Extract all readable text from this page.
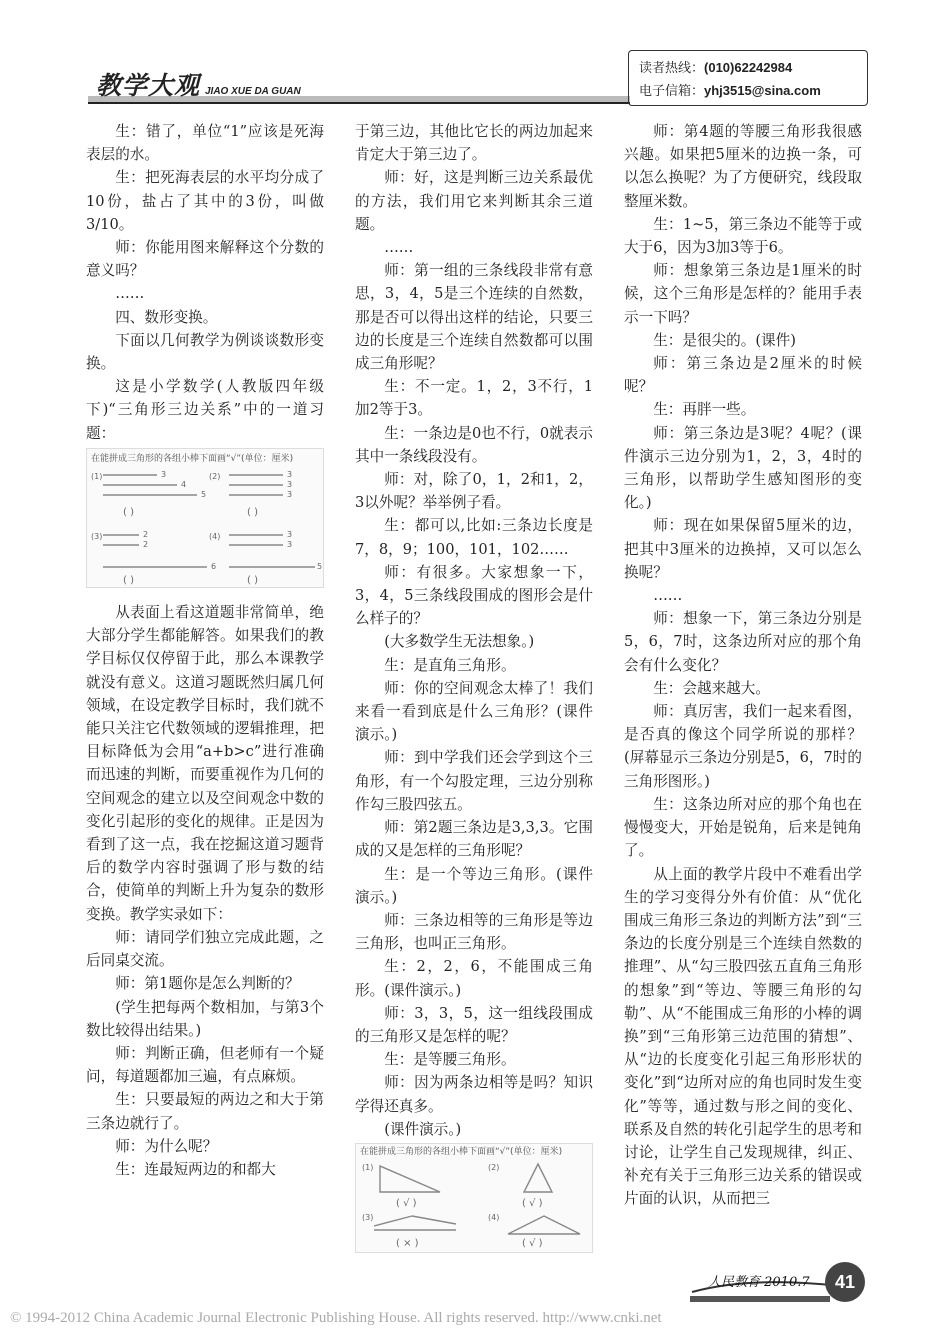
教学大观 JIAO XUE DA GUAN
读者热线：(010)62242984
电子信箱：yhj3515@sina.com

生：错了，单位“1”应该是死海表层的水。

生：把死海表层的水平均分成了10份，盐占了其中的3份，叫做3/10。

师：你能用图来解释这个分数的意义吗？

……

四、数形变换。

下面以几何教学为例谈谈数形变换。

这是小学数学(人教版四年级下)“三角形三边关系”中的一道习题：

在能拼成三角形的各组小棒下面画“√”(单位：厘米)
(1)	3
4
5
(2)	3
3
3
(3)	2
2
6
(4)	3
3
5
( )	( )
( )	( )

从表面上看这道题非常简单，绝大部分学生都能解答。如果我们的教学目标仅仅停留于此，那么本课教学就没有意义。这道习题既然归属几何领域，在设定教学目标时，我们就不能只关注它代数领域的逻辑推理，把目标降低为会用“a+b>c”进行准确而迅速的判断，而要重视作为几何的空间观念的建立以及空间观念中数的变化引起形的变化的规律。正是因为看到了这一点，我在挖掘这道习题背后的数学内容时强调了形与数的结合，使简单的判断上升为复杂的数形变换。教学实录如下：

师：请同学们独立完成此题，之后同桌交流。

师：第1题你是怎么判断的？

(学生把每两个数相加，与第3个数比较得出结果。)

师：判断正确，但老师有一个疑问，每道题都加三遍，有点麻烦。

生：只要最短的两边之和大于第三条边就行了。

师：为什么呢？

生：连最短两边的和都大

于第三边，其他比它长的两边加起来肯定大于第三边了。

师：好，这是判断三边关系最优的方法，我们用它来判断其余三道题。

……

师：第一组的三条线段非常有意思，3，4，5是三个连续的自然数，那是否可以得出这样的结论，只要三边的长度是三个连续自然数都可以围成三角形呢？

生：不一定。1，2，3不行，1加2等于3。

生：一条边是0也不行，0就表示其中一条线段没有。

师：对，除了0，1，2和1，2，3以外呢？举举例子看。

生：都可以,比如:三条边长度是7，8，9；100，101，102……

师：有很多。大家想象一下，3，4，5三条线段围成的图形会是什么样子的？

(大多数学生无法想象。)

生：是直角三角形。

师：你的空间观念太棒了！我们来看一看到底是什么三角形？(课件演示。)

师：到中学我们还会学到这个三角形，有一个勾股定理，三边分别称作勾三股四弦五。

师：第2题三条边是3,3,3。它围成的又是怎样的三角形呢？

生：是一个等边三角形。(课件演示。)

师：三条边相等的三角形是等边三角形，也叫正三角形。

生：2，2，6，不能围成三角形。(课件演示。)

师：3，3，5，这一组线段围成的三角形又是怎样的呢？

生：是等腰三角形。

师：因为两条边相等是吗？知识学得还真多。

(课件演示。)

在能拼成三角形的各组小棒下面画“√”(单位：厘米)
(1)	(2)
(3)	(4)
( √ )	( √ )
( × )	( √ )

师：第4题的等腰三角形我很感兴趣。如果把5厘米的边换一条，可以怎么换呢？为了方便研究，线段取整厘米数。

生：1~5，第三条边不能等于或大于6，因为3加3等于6。

师：想象第三条边是1厘米的时候，这个三角形是怎样的？能用手表示一下吗？

生：是很尖的。(课件)

师：第三条边是2厘米的时候呢？

生：再胖一些。

师：第三条边是3呢？4呢？(课件演示三边分别为1，2，3，4时的三角形，以帮助学生感知图形的变化。)

师：现在如果保留5厘米的边，把其中3厘米的边换掉，又可以怎么换呢？

……

师：想象一下，第三条边分别是5，6，7时，这条边所对应的那个角会有什么变化？

生：会越来越大。

师：真厉害，我们一起来看图，是否真的像这个同学所说的那样？(屏幕显示三条边分别是5，6，7时的三角形图形。)

生：这条边所对应的那个角也在慢慢变大，开始是锐角，后来是钝角了。

从上面的教学片段中不难看出学生的学习变得分外有价值：从“优化围成三角形三条边的判断方法”到“三条边的长度分别是三个连续自然数的推理”、从“勾三股四弦五直角三角形的想象”到“等边、等腰三角形的勾勒”、从“不能围成三角形的小棒的调换”到“三角形第三边范围的猜想”、从“边的长度变化引起三角形形状的变化”到“边所对应的角也同时发生变化”等等，通过数与形之间的变化、联系及自然的转化引起学生的思考和讨论，让学生自己发现规律，纠正、补充有关于三角形三边关系的错误或片面的认识，从而把三

人民教育 2010.7	41
© 1994-2012 China Academic Journal Electronic Publishing House. All rights reserved. http://www.cnki.net
